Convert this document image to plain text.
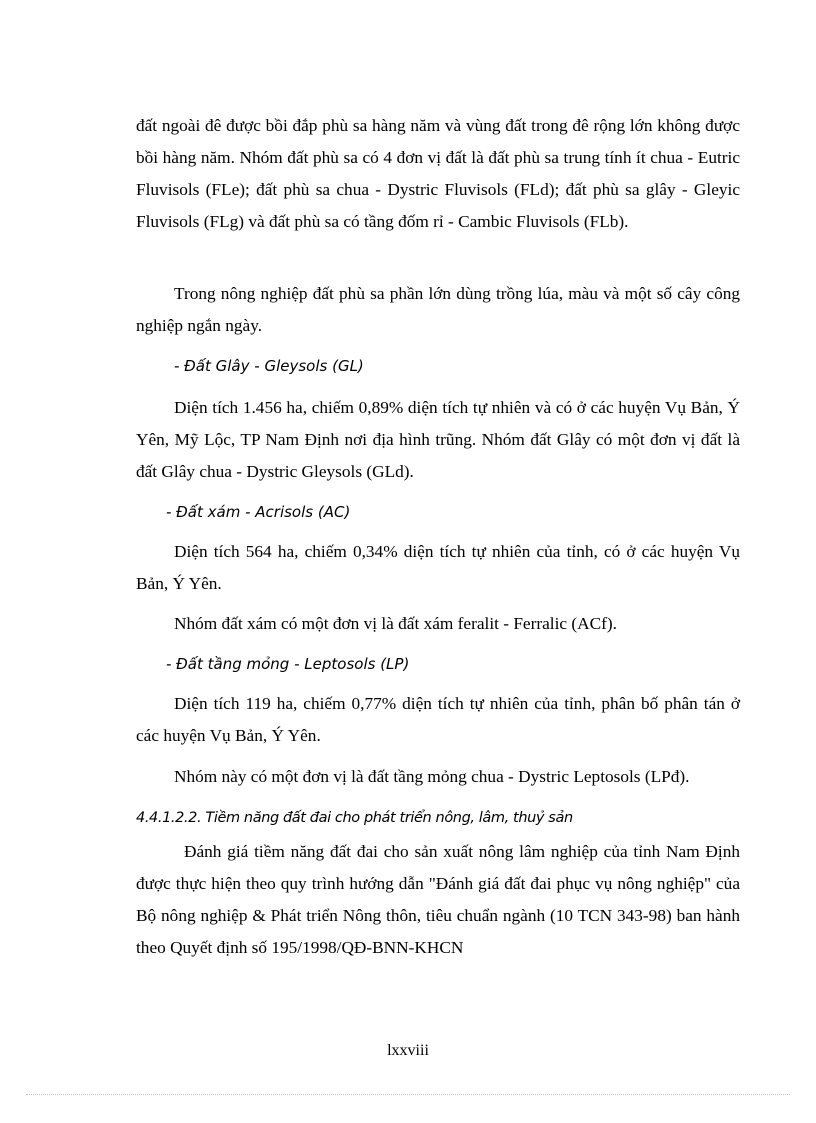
đất ngoài đê được bồi đắp phù sa hàng năm và vùng đất trong đê rộng lớn không được bồi hàng năm. Nhóm đất phù sa có 4 đơn vị đất là đất phù sa trung tính ít chua - Eutric Fluvisols (FLe); đất phù sa chua - Dystric Fluvisols (FLd); đất phù sa glây - Gleyic Fluvisols (FLg) và đất phù sa có tầng đốm rỉ - Cambic Fluvisols (FLb).

Trong nông nghiệp đất phù sa phần lớn dùng trồng lúa, màu và một số cây công nghiệp ngắn ngày.

- Đất Glây - Gleysols (GL)

Diện tích 1.456 ha, chiếm 0,89% diện tích tự nhiên và có ở các huyện Vụ Bản, Ý Yên, Mỹ Lộc, TP Nam Định nơi địa hình trũng. Nhóm đất Glây có một đơn vị đất là đất Glây chua - Dystric Gleysols (GLd).

- Đất xám - Acrisols (AC)

Diện tích 564 ha, chiếm 0,34% diện tích tự nhiên của tỉnh, có ở các huyện Vụ Bản, Ý Yên.

Nhóm đất xám có một đơn vị là đất xám feralit - Ferralic (ACf).

- Đất tầng mỏng - Leptosols (LP)

Diện tích 119 ha, chiếm 0,77% diện tích tự nhiên của tỉnh, phân bố phân tán ở các huyện Vụ Bản, Ý Yên.

Nhóm này có một đơn vị là đất tầng mỏng chua - Dystric Leptosols (LPđ).

4.4.1.2.2. Tiềm năng đất đai cho phát triển nông, lâm, thuỷ sản

Đánh giá tiềm năng đất đai cho sản xuất nông lâm nghiệp của tỉnh Nam Định được thực hiện theo quy trình hướng dẫn "Đánh giá đất đai phục vụ nông nghiệp" của Bộ nông nghiệp & Phát triển Nông thôn, tiêu chuẩn ngành (10 TCN 343-98) ban hành theo Quyết định số 195/1998/QĐ-BNN-KHCN

lxxviii
